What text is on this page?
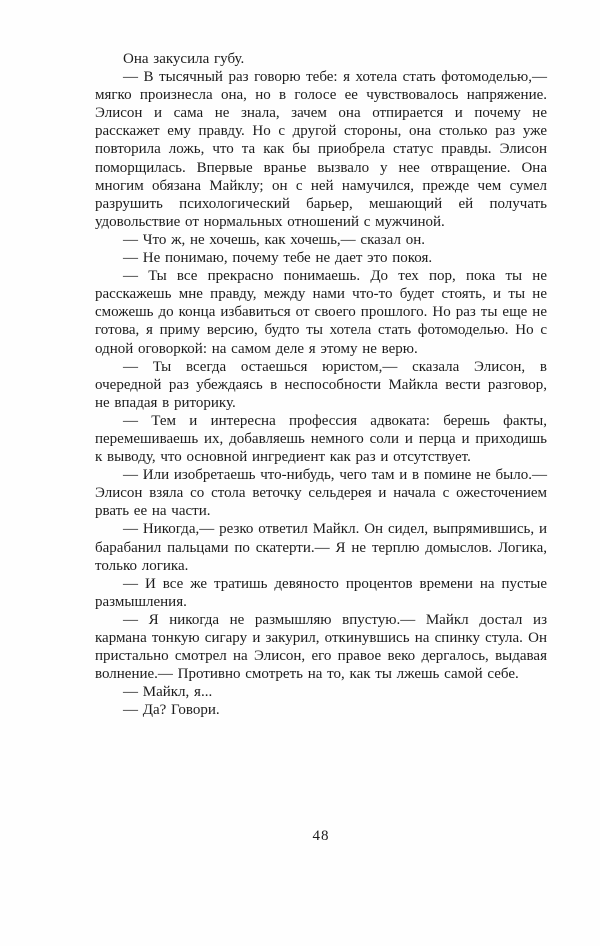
Она закусила губу.

— В тысячный раз говорю тебе: я хотела стать фотомоделью,— мягко произнесла она, но в голосе ее чувствовалось напряжение. Элисон и сама не знала, зачем она отпирается и почему не расскажет ему правду. Но с другой стороны, она столько раз уже повторила ложь, что та как бы приобрела статус правды. Элисон поморщилась. Впервые вранье вызвало у нее отвращение. Она многим обязана Майклу; он с ней намучился, прежде чем сумел разрушить психологический барьер, мешающий ей получать удовольствие от нормальных отношений с мужчиной.

— Что ж, не хочешь, как хочешь,— сказал он.

— Не понимаю, почему тебе не дает это покоя.

— Ты все прекрасно понимаешь. До тех пор, пока ты не расскажешь мне правду, между нами что-то будет стоять, и ты не сможешь до конца избавиться от своего прошлого. Но раз ты еще не готова, я приму версию, будто ты хотела стать фотомоделью. Но с одной оговоркой: на самом деле я этому не верю.

— Ты всегда остаешься юристом,— сказала Элисон, в очередной раз убеждаясь в неспособности Майкла вести разговор, не впадая в риторику.

— Тем и интересна профессия адвоката: берешь факты, перемешиваешь их, добавляешь немного соли и перца и приходишь к выводу, что основной ингредиент как раз и отсутствует.

— Или изобретаешь что-нибудь, чего там и в помине не было.— Элисон взяла со стола веточку сельдерея и начала с ожесточением рвать ее на части.

— Никогда,— резко ответил Майкл. Он сидел, выпрямившись, и барабанил пальцами по скатерти.— Я не терплю домыслов. Логика, только логика.

— И все же тратишь девяносто процентов времени на пустые размышления.

— Я никогда не размышляю впустую.— Майкл достал из кармана тонкую сигару и закурил, откинувшись на спинку стула. Он пристально смотрел на Элисон, его правое веко дергалось, выдавая волнение.— Противно смотреть на то, как ты лжешь самой себе.

— Майкл, я...

— Да? Говори.

48
